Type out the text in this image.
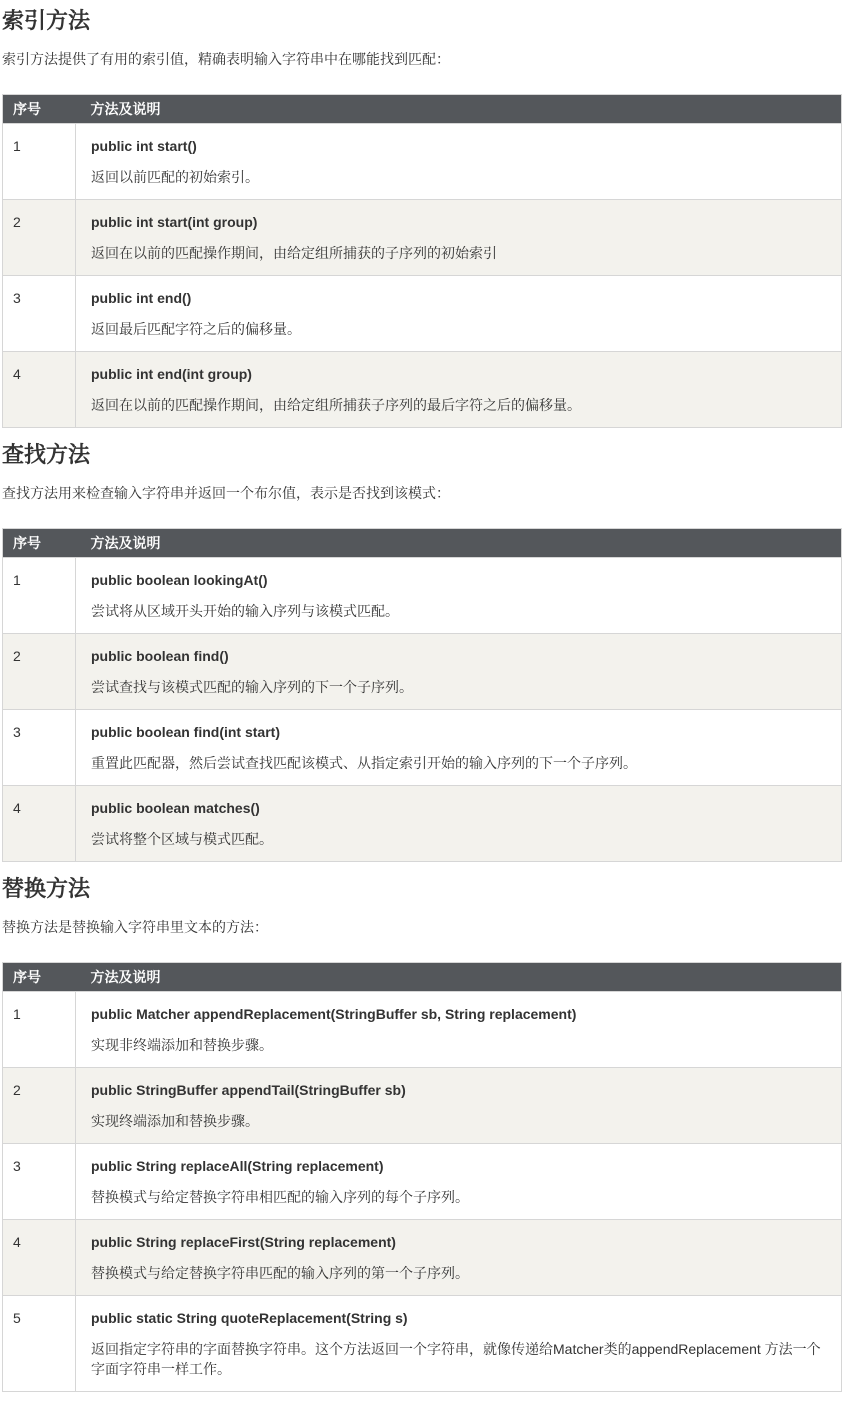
索引方法

索引方法提供了有用的索引值，精确表明输入字符串中在哪能找到匹配：

序号	方法及说明
1	public int start()

返回以前匹配的初始索引。

2	public int start(int group)

返回在以前的匹配操作期间，由给定组所捕获的子序列的初始索引

3	public int end()

返回最后匹配字符之后的偏移量。

4	public int end(int group)

返回在以前的匹配操作期间，由给定组所捕获子序列的最后字符之后的偏移量。

查找方法

查找方法用来检查输入字符串并返回一个布尔值，表示是否找到该模式：

序号	方法及说明
1	public boolean lookingAt()

尝试将从区域开头开始的输入序列与该模式匹配。

2	public boolean find()

尝试查找与该模式匹配的输入序列的下一个子序列。

3	public boolean find(int start)

重置此匹配器，然后尝试查找匹配该模式、从指定索引开始的输入序列的下一个子序列。

4	public boolean matches()

尝试将整个区域与模式匹配。

替换方法

替换方法是替换输入字符串里文本的方法：

序号	方法及说明
1	public Matcher appendReplacement(StringBuffer sb, String replacement)

实现非终端添加和替换步骤。

2	public StringBuffer appendTail(StringBuffer sb)

实现终端添加和替换步骤。

3	public String replaceAll(String replacement)

替换模式与给定替换字符串相匹配的输入序列的每个子序列。

4	public String replaceFirst(String replacement)

替换模式与给定替换字符串匹配的输入序列的第一个子序列。

5	public static String quoteReplacement(String s)

返回指定字符串的字面替换字符串。这个方法返回一个字符串，就像传递给Matcher类的appendReplacement 方法一个字面字符串一样工作。
